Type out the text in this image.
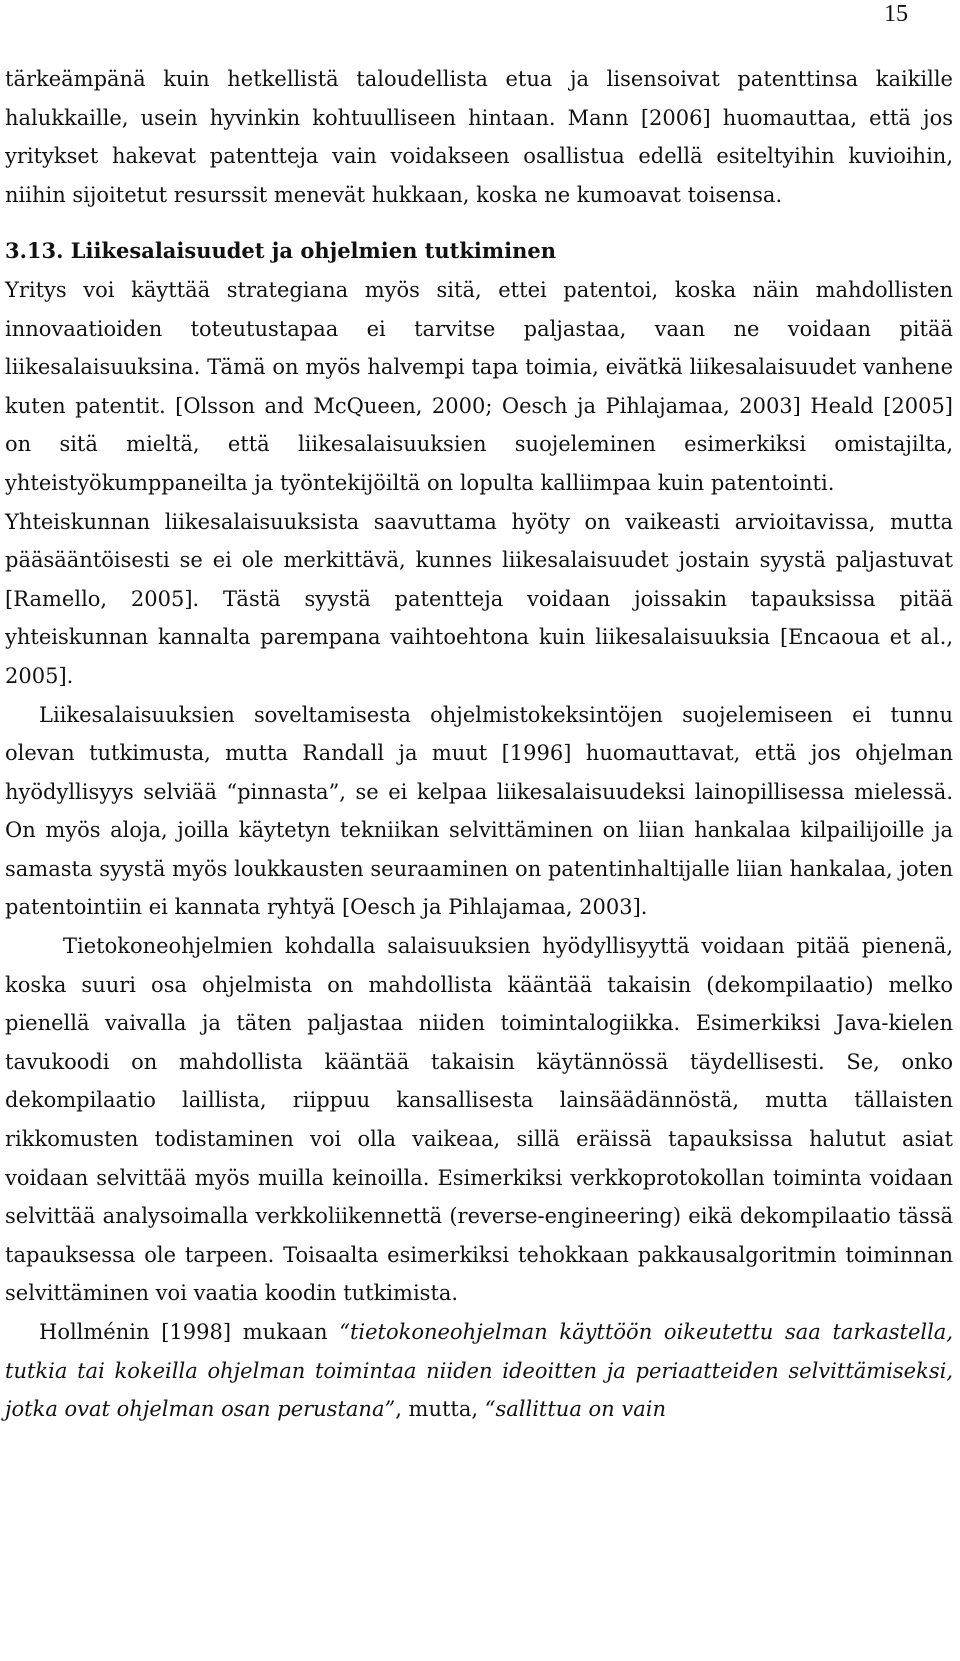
15

tärkeämpänä kuin hetkellistä taloudellista etua ja lisensoivat patenttinsa kaikille halukkaille, usein hyvinkin kohtuulliseen hintaan. Mann [2006] huomauttaa, että jos yritykset hakevat patentteja vain voidakseen osallistua edellä esiteltyihin kuvioihin, niihin sijoitetut resurssit menevät hukkaan, koska ne kumoavat toisensa.

3.13. Liikesalaisuudet ja ohjelmien tutkiminen

Yritys voi käyttää strategiana myös sitä, ettei patentoi, koska näin mahdollisten innovaatioiden toteutustapaa ei tarvitse paljastaa, vaan ne voidaan pitää liikesalaisuuksina. Tämä on myös halvempi tapa toimia, eivätkä liikesalaisuudet vanhene kuten patentit. [Olsson and McQueen, 2000; Oesch ja Pihlajamaa, 2003] Heald [2005] on sitä mieltä, että liikesalaisuuksien suojeleminen esimerkiksi omistajilta, yhteistyökumppaneilta ja työntekijöiltä on lopulta kalliimpaa kuin patentointi.

Yhteiskunnan liikesalaisuuksista saavuttama hyöty on vaikeasti arvioitavissa, mutta pääsääntöisesti se ei ole merkittävä, kunnes liikesalaisuudet jostain syystä paljastuvat [Ramello, 2005]. Tästä syystä patentteja voidaan joissakin tapauksissa pitää yhteiskunnan kannalta parempana vaihtoehtona kuin liikesalaisuuksia [Encaoua et al., 2005].

Liikesalaisuuksien soveltamisesta ohjelmistokeksintöjen suojelemiseen ei tunnu olevan tutkimusta, mutta Randall ja muut [1996] huomauttavat, että jos ohjelman hyödyllisyys selviää “pinnasta”, se ei kelpaa liikesalaisuudeksi lainopillisessa mielessä. On myös aloja, joilla käytetyn tekniikan selvittäminen on liian hankalaa kilpailijoille ja samasta syystä myös loukkausten seuraaminen on patentinhaltijalle liian hankalaa, joten patentointiin ei kannata ryhtyä [Oesch ja Pihlajamaa, 2003].

Tietokoneohjelmien kohdalla salaisuuksien hyödyllisyyttä voidaan pitää pienenä, koska suuri osa ohjelmista on mahdollista kääntää takaisin (dekompilaatio) melko pienellä vaivalla ja täten paljastaa niiden toimintalogiikka. Esimerkiksi Java-kielen tavukoodi on mahdollista kääntää takaisin käytännössä täydellisesti. Se, onko dekompilaatio laillista, riippuu kansallisesta lainsäädännöstä, mutta tällaisten rikkomusten todistaminen voi olla vaikeaa, sillä eräissä tapauksissa halutut asiat voidaan selvittää myös muilla keinoilla. Esimerkiksi verkkoprotokollan toiminta voidaan selvittää analysoimalla verkkoliikennettä (reverse-engineering) eikä dekompilaatio tässä tapauksessa ole tarpeen. Toisaalta esimerkiksi tehokkaan pakkausalgoritmin toiminnan selvittäminen voi vaatia koodin tutkimista.

Hollménin [1998] mukaan “tietokoneohjelman käyttöön oikeutettu saa tarkastella, tutkia tai kokeilla ohjelman toimintaa niiden ideoitten ja periaatteiden selvittämiseksi, jotka ovat ohjelman osan perustana”, mutta, “sallittua on vain
